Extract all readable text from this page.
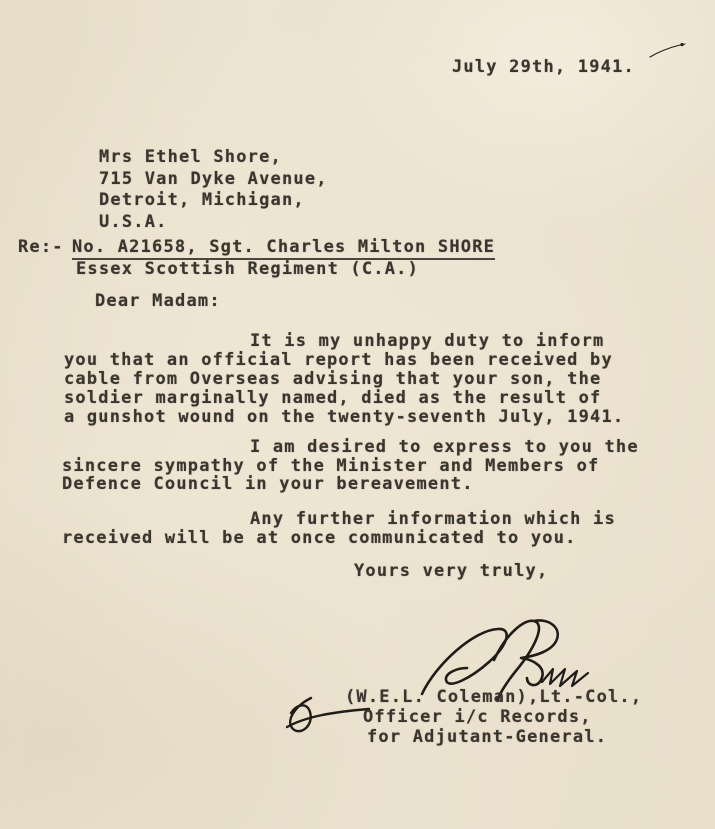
July 29th, 1941.
Mrs Ethel Shore,
715 Van Dyke Avenue,
Detroit, Michigan,
U.S.A.
Re:- No. A21658, Sgt. Charles Milton SHORE
Essex Scottish Regiment (C.A.)
Dear Madam:
It is my unhappy duty to inform
you that an official report has been received by
cable from Overseas advising that your son, the
soldier marginally named, died as the result of
a gunshot wound on the twenty-seventh July, 1941.
I am desired to express to you the
sincere sympathy of the Minister and Members of
Defence Council in your bereavement.
Any further information which is
received will be at once communicated to you.
Yours very truly,
(W.E.L. Coleman),Lt.-Col.,
Officer i/c Records,
for Adjutant-General.
